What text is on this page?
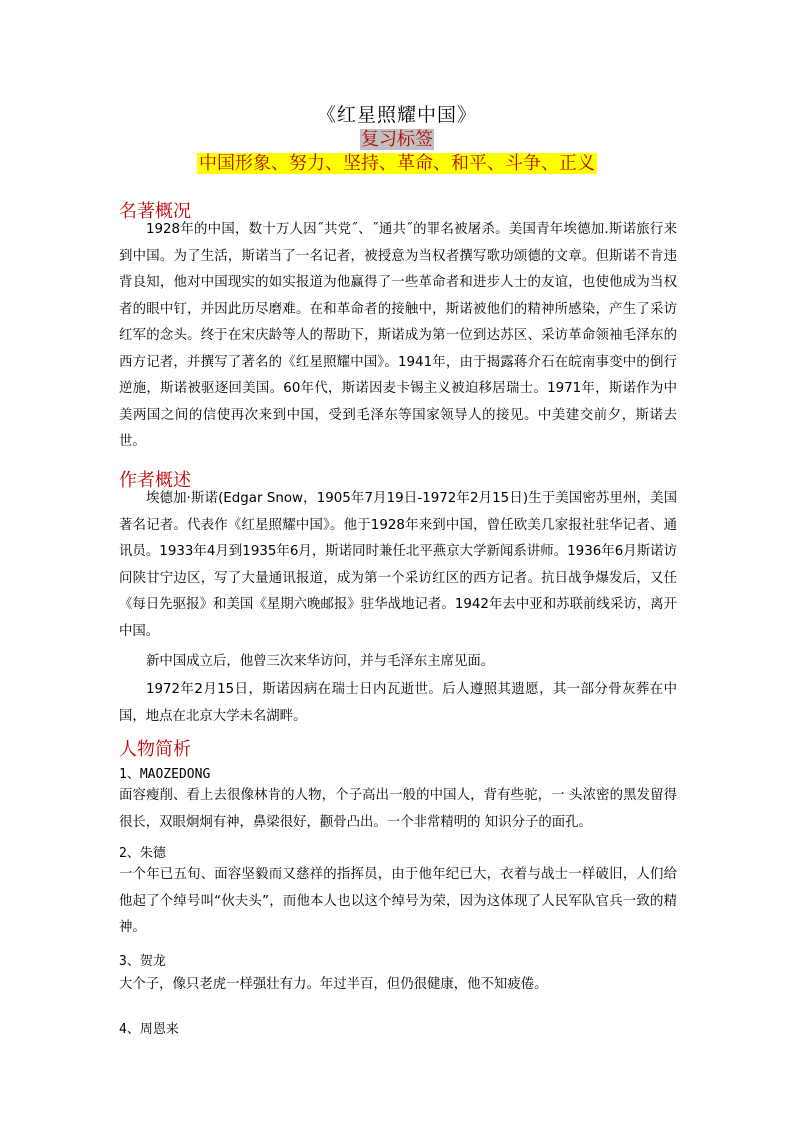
《红星照耀中国》
复习标签
中国形象、努力、坚持、革命、和平、斗争、正义
名著概况

1928年的中国，数十万人因˝共党˝、˝通共˝的罪名被屠杀。美国青年埃德加.斯诺旅行来到中国。为了生活，斯诺当了一名记者，被授意为当权者撰写歌功颂德的文章。但斯诺不肯违背良知，他对中国现实的如实报道为他赢得了一些革命者和进步人士的友谊，也使他成为当权者的眼中钉，并因此历尽磨难。在和革命者的接触中，斯诺被他们的精神所感染，产生了采访红军的念头。终于在宋庆龄等人的帮助下，斯诺成为第一位到达苏区、采访革命领袖毛泽东的西方记者，并撰写了著名的《红星照耀中国》。1941年，由于揭露蒋介石在皖南事变中的倒行逆施，斯诺被驱逐回美国。60年代，斯诺因麦卡锡主义被迫移居瑞士。1971年，斯诺作为中美两国之间的信使再次来到中国，受到毛泽东等国家领导人的接见。中美建交前夕，斯诺去世。

作者概述

埃德加·斯诺(Edgar Snow，1905年7月19日-1972年2月15日)生于美国密苏里州，美国著名记者。代表作《红星照耀中国》。他于1928年来到中国，曾任欧美几家报社驻华记者、通讯员。1933年4月到1935年6月，斯诺同时兼任北平燕京大学新闻系讲师。1936年6月斯诺访问陕甘宁边区，写了大量通讯报道，成为第一个采访红区的西方记者。抗日战争爆发后，又任《每日先驱报》和美国《星期六晚邮报》驻华战地记者。1942年去中亚和苏联前线采访，离开中国。

新中国成立后，他曾三次来华访问，并与毛泽东主席见面。

1972年2月15日，斯诺因病在瑞士日内瓦逝世。后人遵照其遗愿，其一部分骨灰葬在中国，地点在北京大学未名湖畔。

人物简析

1、MAOZEDONG

面容瘦削、看上去很像林肯的人物，个子高出一般的中国人，背有些驼，一 头浓密的黑发留得很长，双眼炯炯有神，鼻梁很好，颧骨凸出。一个非常精明的 知识分子的面孔。

2、朱德

一个年已五旬、面容坚毅而又慈祥的指挥员，由于他年纪已大，衣着与战士一样破旧，人们给他起了个绰号叫“伙夫头”，而他本人也以这个绰号为荣，因为这体现了人民军队官兵一致的精神。

3、贺龙

大个子，像只老虎一样强壮有力。年过半百，但仍很健康，他不知疲倦。

4、周恩来
